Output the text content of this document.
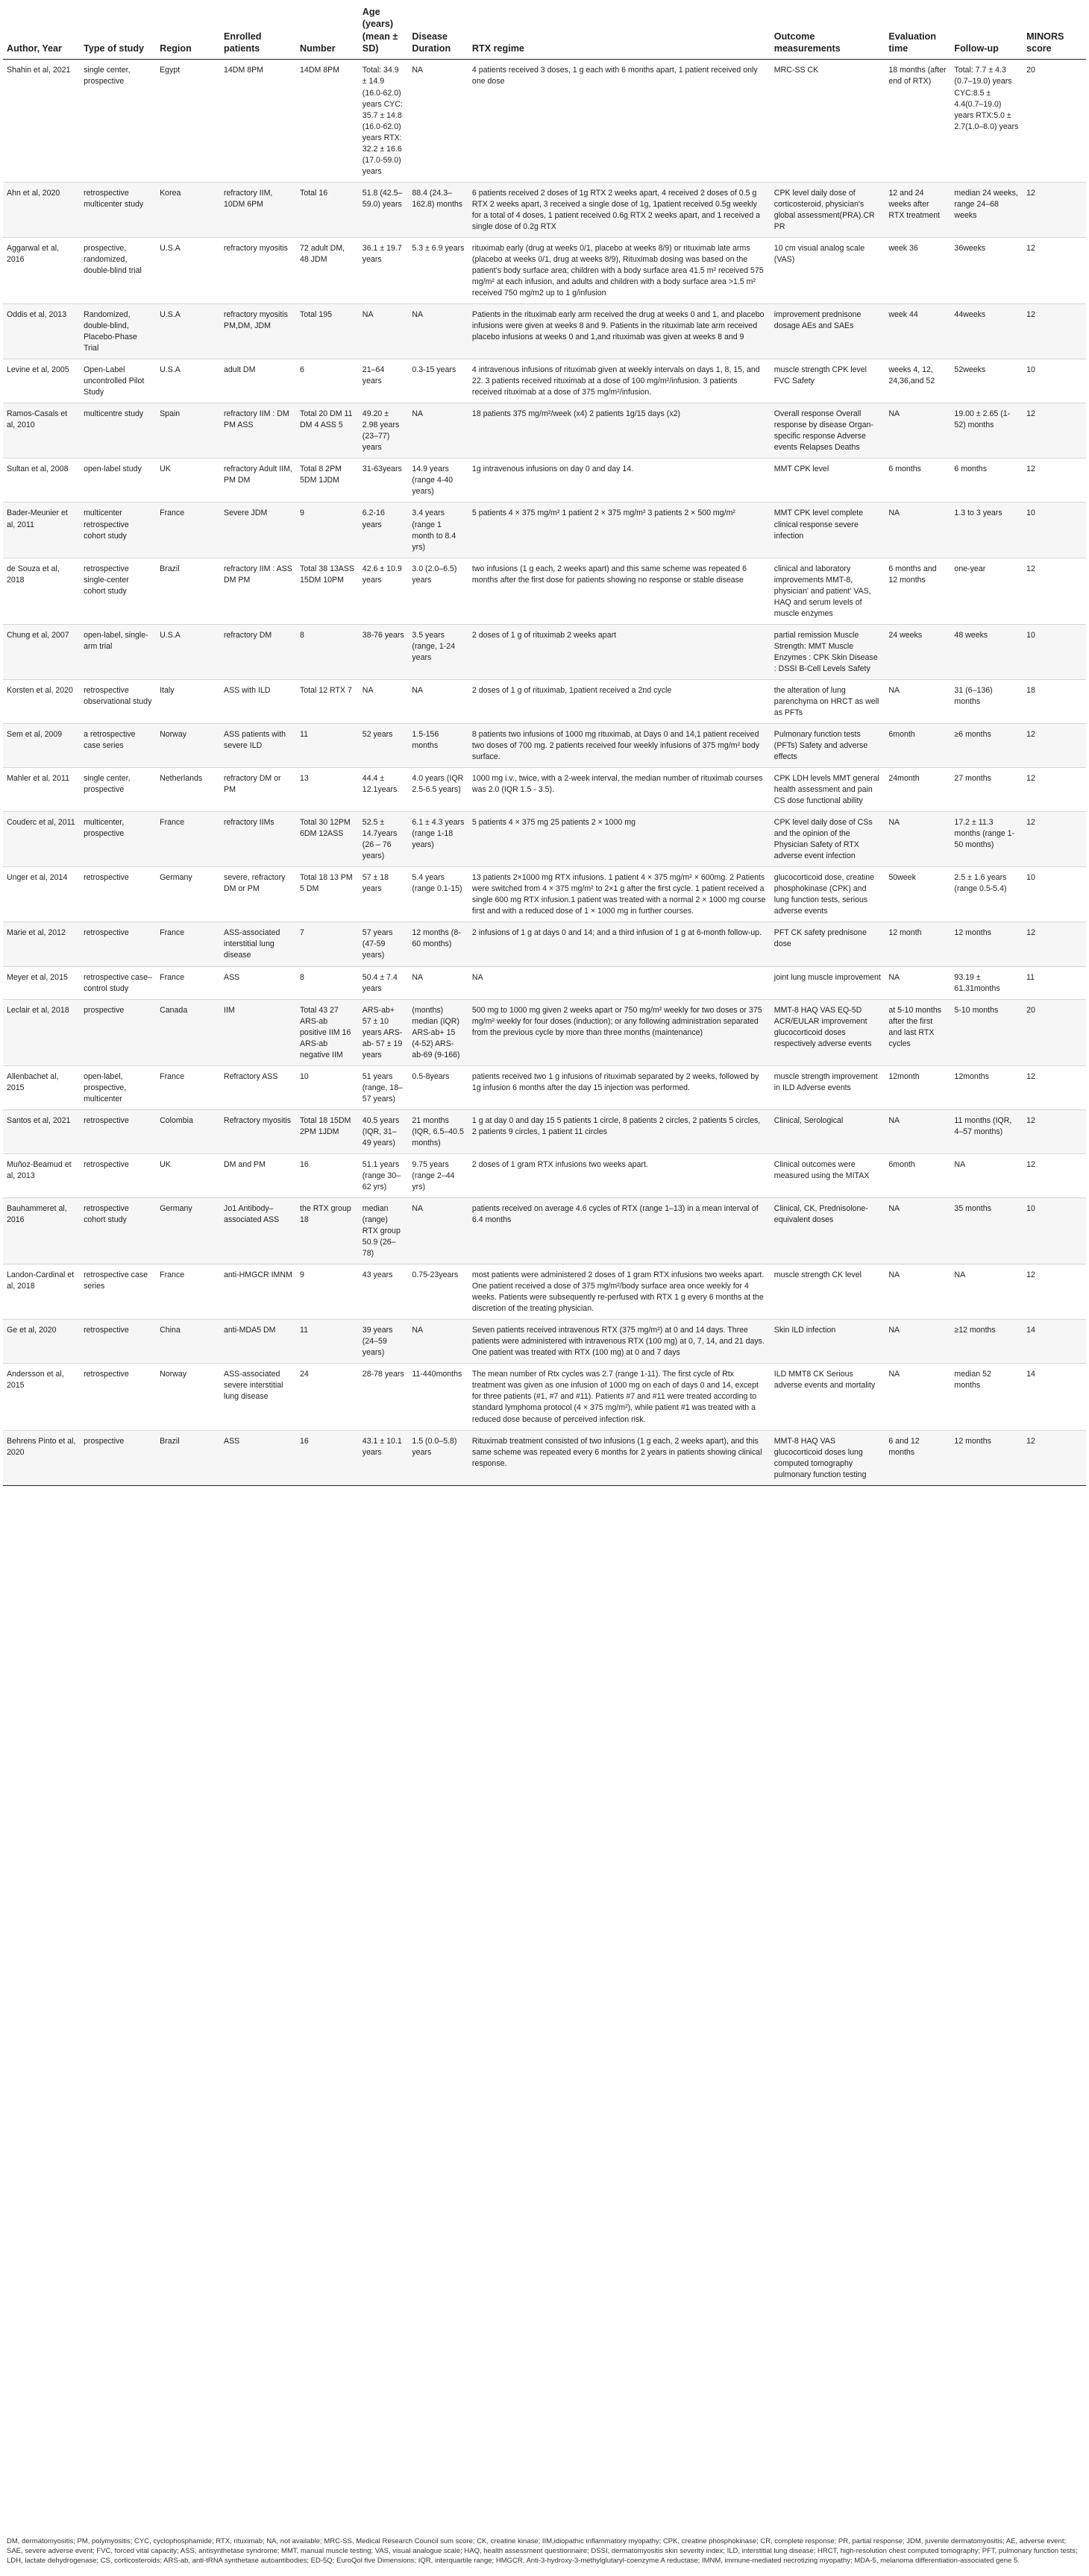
Author, Year	Type of study	Region	Enrolled patients	Number	Age (years) (mean ± SD)	Disease Duration	RTX regime	Outcome measurements	Evaluation time	Follow-up	MINORS score
Shahin et al, 2021	single center, prospective	Egypt	14DM 8PM	14DM 8PM	Total: 34.9 ± 14.9 (16.0-62.0) years CYC: 35.7 ± 14.8 (16.0-62.0) years RTX: 32.2 ± 16.6 (17.0-59.0) years	NA	4 patients received 3 doses, 1 g each with 6 months apart, 1 patient received only one dose	MRC-SS CK	18 months (after end of RTX)	Total: 7.7 ± 4.3 (0.7–19.0) years CYC:8.5 ± 4.4(0.7–19.0) years RTX:5.0 ± 2.7(1.0–8.0) years	20
Ahn et al, 2020	retrospective multicenter study	Korea	refractory IIM, 10DM 6PM	Total 16	51.8 (42.5–59.0) years	88.4 (24.3–162.8) months	6 patients received 2 doses of 1g RTX 2 weeks apart, 4 received 2 doses of 0.5 g RTX 2 weeks apart, 3 received a single dose of 1g, 1patient received 0.5g weekly for a total of 4 doses, 1 patient received 0.6g RTX 2 weeks apart, and 1 received a single dose of 0.2g RTX	CPK level daily dose of corticosteroid, physician's global assessment(PRA).CR PR	12 and 24 weeks after RTX treatment	median 24 weeks, range 24–68 weeks	12
Aggarwal et al, 2016	prospective, randomized, double-blind trial	U.S.A	refractory myositis	72 adult DM, 48 JDM	36.1 ± 19.7 years	5.3 ± 6.9 years	rituximab early (drug at weeks 0/1, placebo at weeks 8/9) or rituximab late arms (placebo at weeks 0/1, drug at weeks 8/9), Rituximab dosing was based on the patient's body surface area; children with a body surface area 41.5 m² received 575 mg/m² at each infusion, and adults and children with a body surface area >1.5 m² received 750 mg/m2 up to 1 g/infusion	10 cm visual analog scale (VAS)	week 36	36weeks	12
Oddis et al, 2013	Randomized, double-blind, Placebo-Phase Trial	U.S.A	refractory myositis PM,DM, JDM	Total 195	NA	NA	Patients in the rituximab early arm received the drug at weeks 0 and 1, and placebo infusions were given at weeks 8 and 9. Patients in the rituximab late arm received placebo infusions at weeks 0 and 1,and rituximab was given at weeks 8 and 9	improvement prednisone dosage AEs and SAEs	week 44	44weeks	12
Levine et al, 2005	Open-Label uncontrolled Pilot Study	U.S.A	adult DM	6	21–64 years	0.3-15 years	4 intravenous infusions of rituximab given at weekly intervals on days 1, 8, 15, and 22. 3 patients received rituximab at a dose of 100 mg/m²/infusion. 3 patients received rituximab at a dose of 375 mg/m²/infusion.	muscle strength CPK level FVC Safety	weeks 4, 12, 24,36,and 52	52weeks	10
Ramos-Casals et al, 2010	multicentre study	Spain	refractory IIM : DM PM ASS	Total 20 DM 11 DM 4 ASS 5	49.20 ± 2.98 years (23–77) years	NA	18 patients 375 mg/m²/week (x4) 2 patients 1g/15 days (x2)	Overall response Overall response by disease Organ-specific response Adverse events Relapses Deaths	NA	19.00 ± 2.65 (1-52) months	12
Sultan et al, 2008	open-label study	UK	refractory Adult IIM, PM DM	Total 8 2PM 5DM 1JDM	31-63years	14.9 years (range 4-40 years)	1g intravenous infusions on day 0 and day 14.	MMT CPK level	6 months	6 months	12
Bader-Meunier et al, 2011	multicenter retrospective cohort study	France	Severe JDM	9	6.2-16 years	3.4 years (range 1 month to 8.4 yrs)	5 patients 4 × 375 mg/m² 1 patient 2 × 375 mg/m² 3 patients 2 × 500 mg/m²	MMT CPK level complete clinical response severe infection	NA	1.3 to 3 years	10
de Souza et al, 2018	retrospective single-center cohort study	Brazil	refractory IIM : ASS DM PM	Total 38 13ASS 15DM 10PM	42.6 ± 10.9 years	3.0 (2.0–6.5) years	two infusions (1 g each, 2 weeks apart) and this same scheme was repeated 6 months after the first dose for patients showing no response or stable disease	clinical and laboratory improvements MMT-8, physician' and patient' VAS, HAQ and serum levels of muscle enzymes	6 months and 12 months	one-year	12
Chung et al, 2007	open-label, single-arm trial	U.S.A	refractory DM	8	38-76 years	3.5 years (range, 1-24 years	2 doses of 1 g of rituximab 2 weeks apart	partial remission Muscle Strength: MMT Muscle Enzymes : CPK Skin Disease : DSSI B-Cell Levels Safety	24 weeks	48 weeks	10
Korsten et al, 2020	retrospective observational study	Italy	ASS with ILD	Total 12 RTX 7	NA	NA	2 doses of 1 g of rituximab, 1patient received a 2nd cycle	the alteration of lung parenchyma on HRCT as well as PFTs	NA	31 (6–136) months	18
Sem et al, 2009	a retrospective case series	Norway	ASS patients with severe ILD	11	52 years	1.5-156 months	8 patients two infusions of 1000 mg rituximab, at Days 0 and 14,1 patient received two doses of 700 mg. 2 patients received four weekly infusions of 375 mg/m² body surface.	Pulmonary function tests (PFTs) Safety and adverse effects	6month	≥6 months	12
Mahler et al, 2011	single center, prospective	Netherlands	refractory DM or PM	13	44.4 ± 12.1years	4.0 years (IQR 2.5-6.5 years)	1000 mg i.v., twice, with a 2-week interval, the median number of rituximab courses was 2.0 (IQR 1.5 - 3.5).	CPK LDH levels MMT general health assessment and pain CS dose functional ability	24month	27 months	12
Couderc et al, 2011	multicenter, prospective	France	refractory IIMs	Total 30 12PM 6DM 12ASS	52.5 ± 14.7years (26 – 76 years)	6.1 ± 4.3 years (range 1-18 years)	5 patients 4 × 375 mg 25 patients 2 × 1000 mg	CPK level daily dose of CSs and the opinion of the Physician Safety of RTX adverse event infection	NA	17.2 ± 11.3 months (range 1-50 months)	12
Unger et al, 2014	retrospective	Germany	severe, refractory DM or PM	Total 18 13 PM 5 DM	57 ± 18 years	5.4 years (range 0.1-15)	13 patients 2×1000 mg RTX infusions. 1 patient 4 × 375 mg/m² × 600mg. 2 Patients were switched from 4 × 375 mg/m² to 2×1 g after the first cycle. 1 patient received a single 600 mg RTX infusion.1 patient was treated with a normal 2 × 1000 mg course first and with a reduced dose of 1 × 1000 mg in further courses.	glucocorticoid dose, creatine phosphokinase (CPK) and lung function tests, serious adverse events	50week	2.5 ± 1.6 years (range 0.5-5.4)	10
Marie et al, 2012	retrospective	France	ASS-associated interstitial lung disease	7	57 years (47-59 years)	12 months (8-60 months)	2 infusions of 1 g at days 0 and 14; and a third infusion of 1 g at 6-month follow-up.	PFT CK safety prednisone dose	12 month	12 months	12
Meyer et al, 2015	retrospective case–control study	France	ASS	8	50.4 ± 7.4 years	NA	NA	joint lung muscle improvement	NA	93.19 ± 61.31months	11
Leclair et al, 2018	prospective	Canada	IIM	Total 43 27 ARS-ab positive IIM 16 ARS-ab negative IIM	ARS-ab+ 57 ± 10 years ARS-ab- 57 ± 19 years	(months) median (IQR) ARS-ab+ 15 (4-52) ARS-ab-69 (9-166)	500 mg to 1000 mg given 2 weeks apart or 750 mg/m² weekly for two doses or 375 mg/m² weekly for four doses (induction); or any following administration separated from the previous cycle by more than three months (maintenance)	MMT-8 HAQ VAS EQ-5D ACR/EULAR improvement glucocorticoid doses respectively adverse events	at 5-10 months after the first and last RTX cycles	5-10 months	20
Allenbachet al, 2015	open-label, prospective, multicenter	France	Refractory ASS	10	51 years (range, 18–57 years)	0.5-8years	patients received two 1 g infusions of rituximab separated by 2 weeks, followed by 1g infusion 6 months after the day 15 injection was performed.	muscle strength improvement in ILD Adverse events	12month	12months	12
Santos et al, 2021	retrospective	Colombia	Refractory myositis	Total 18 15DM 2PM 1JDM	40.5 years (IQR, 31–49 years)	21 months (IQR, 6.5–40.5 months)	1 g at day 0 and day 15 5 patients 1 circle, 8 patients 2 circles, 2 patients 5 circles, 2 patients 9 circles, 1 patient 11 circles	Clinical, Serological	NA	11 months (IQR, 4–57 months)	12
Muñoz-Beamud et al, 2013	retrospective	UK	DM and PM	16	51.1 years (range 30–62 yrs)	9.75 years (range 2–44 yrs)	2 doses of 1 gram RTX infusions two weeks apart.	Clinical outcomes were measured using the MITAX	6month	NA	12
Bauhammeret al, 2016	retrospective cohort study	Germany	Jo1 Antibody–associated ASS	the RTX group 18	median (range) RTX group 50.9 (26–78)	NA	patients received on average 4.6 cycles of RTX (range 1–13) in a mean interval of 6.4 months	Clinical, CK, Prednisolone-equivalent doses	NA	35 months	10
Landon-Cardinal et al, 2018	retrospective case series	France	anti-HMGCR IMNM	9	43 years	0.75-23years	most patients were administered 2 doses of 1 gram RTX infusions two weeks apart. One patient received a dose of 375 mg/m²/body surface area once weekly for 4 weeks. Patients were subsequently re-perfused with RTX 1 g every 6 months at the discretion of the treating physician.	muscle strength CK level	NA	NA	12
Ge et al, 2020	retrospective	China	anti-MDA5 DM	11	39 years (24–59 years)	NA	Seven patients received intravenous RTX (375 mg/m²) at 0 and 14 days. Three patients were administered with intravenous RTX (100 mg) at 0, 7, 14, and 21 days. One patient was treated with RTX (100 mg) at 0 and 7 days	Skin ILD infection	NA	≥12 months	14
Andersson et al, 2015	retrospective	Norway	ASS-associated severe interstitial lung disease	24	28-78 years	11-440months	The mean number of Rtx cycles was 2.7 (range 1-11). The first cycle of Rtx treatment was given as one infusion of 1000 mg on each of days 0 and 14, except for three patients (#1, #7 and #11). Patients #7 and #11 were treated according to standard lymphoma protocol (4 × 375 mg/m²), while patient #1 was treated with a reduced dose because of perceived infection risk.	ILD MMT8 CK Serious adverse events and mortality	NA	median 52 months	14
Behrens Pinto et al, 2020	prospective	Brazil	ASS	16	43.1 ± 10.1 years	1.5 (0.0–5.8) years	Rituximab treatment consisted of two infusions (1 g each, 2 weeks apart), and this same scheme was repeated every 6 months for 2 years in patients showing clinical response.	MMT-8 HAQ VAS glucocorticoid doses lung computed tomography pulmonary function testing	6 and 12 months	12 months	12
DM, dermatomyositis; PM, polymyositis; CYC, cyclophosphamide; RTX, rituximab; NA, not available; MRC-SS, Medical Research Council sum score; CK, creatine kinase; IIM,idiopathic inflammatory myopathy; CPK, creatine phosphokinase; CR, complete response; PR, partial response; JDM, juvenile dermatomyositis; AE, adverse event; SAE, severe adverse event; FVC, forced vital capacity; ASS, antisynthetase syndrome; MMT, manual muscle testing; VAS, visual analogue scale; HAQ, health assessment questionnaire; DSSI, dermatomyositis skin severity index; ILD, interstitial lung disease; HRCT, high-resolution chest computed tomography; PFT, pulmonary function tests; LDH, lactate dehydrogenase; CS, corticosteroids; ARS-ab, anti-tRNA synthetase autoantibodies; ED-5Q; EuroQol five Dimensions; IQR, interquartile range; HMGCR, Anti-3-hydroxy-3-methylglutaryl-coenzyme A reductase; IMNM, immune-mediated necrotizing myopathy; MDA-5, melanoma differentiation-associated gene 5.
